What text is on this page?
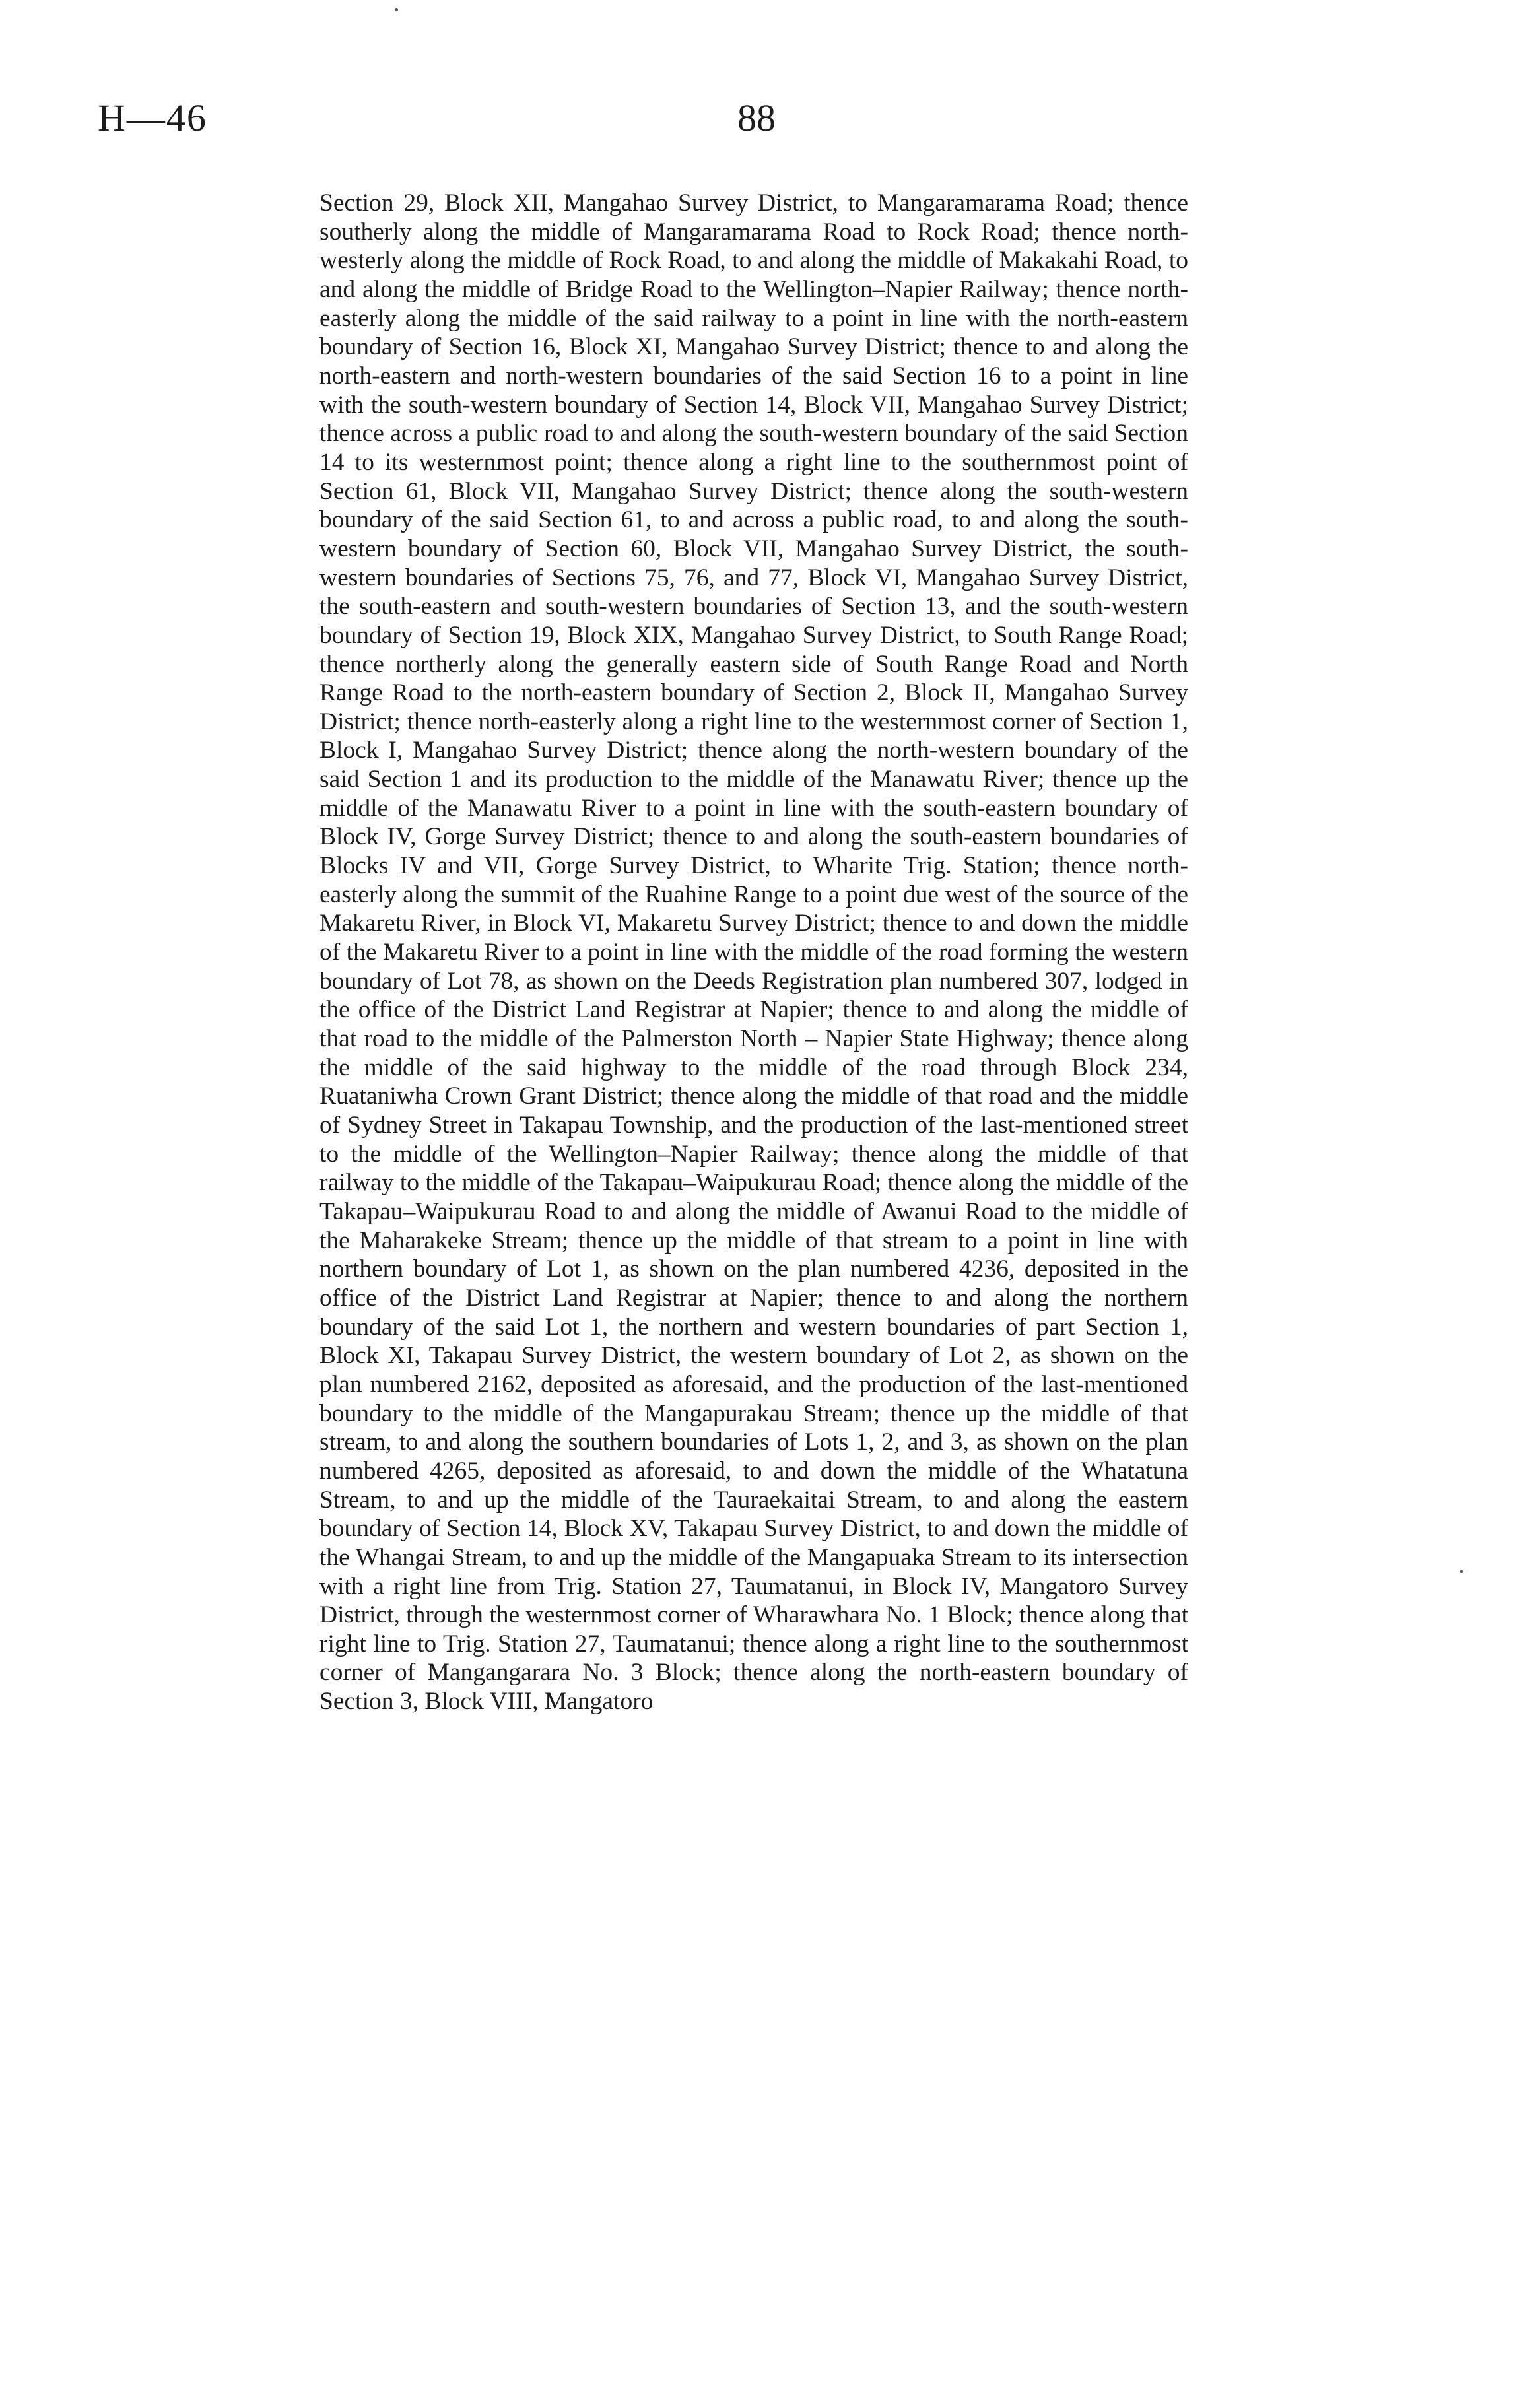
H—46	88

Section 29, Block XII, Mangahao Survey District, to Mangaramarama Road; thence southerly along the middle of Mangaramarama Road to Rock Road; thence north-westerly along the middle of Rock Road, to and along the middle of Makakahi Road, to and along the middle of Bridge Road to the Wellington–Napier Railway; thence north-easterly along the middle of the said railway to a point in line with the north-eastern boundary of Section 16, Block XI, Mangahao Survey District; thence to and along the north-eastern and north-western boundaries of the said Section 16 to a point in line with the south-western boundary of Section 14, Block VII, Mangahao Survey District; thence across a public road to and along the south-western boundary of the said Section 14 to its westernmost point; thence along a right line to the southernmost point of Section 61, Block VII, Mangahao Survey District; thence along the south-western boundary of the said Section 61, to and across a public road, to and along the south-western boundary of Section 60, Block VII, Mangahao Survey District, the south-western boundaries of Sections 75, 76, and 77, Block VI, Mangahao Survey District, the south-eastern and south-western boundaries of Section 13, and the south-western boundary of Section 19, Block XIX, Mangahao Survey District, to South Range Road; thence northerly along the generally eastern side of South Range Road and North Range Road to the north-eastern boundary of Section 2, Block II, Mangahao Survey District; thence north-easterly along a right line to the westernmost corner of Section 1, Block I, Mangahao Survey District; thence along the north-western boundary of the said Section 1 and its production to the middle of the Manawatu River; thence up the middle of the Manawatu River to a point in line with the south-eastern boundary of Block IV, Gorge Survey District; thence to and along the south-eastern boundaries of Blocks IV and VII, Gorge Survey District, to Wharite Trig. Station; thence north-easterly along the summit of the Ruahine Range to a point due west of the source of the Makaretu River, in Block VI, Makaretu Survey District; thence to and down the middle of the Makaretu River to a point in line with the middle of the road forming the western boundary of Lot 78, as shown on the Deeds Registration plan numbered 307, lodged in the office of the District Land Registrar at Napier; thence to and along the middle of that road to the middle of the Palmerston North – Napier State Highway; thence along the middle of the said highway to the middle of the road through Block 234, Ruataniwha Crown Grant District; thence along the middle of that road and the middle of Sydney Street in Takapau Township, and the production of the last-mentioned street to the middle of the Wellington–Napier Railway; thence along the middle of that railway to the middle of the Takapau–Waipukurau Road; thence along the middle of the Takapau–Waipukurau Road to and along the middle of Awanui Road to the middle of the Maharakeke Stream; thence up the middle of that stream to a point in line with northern boundary of Lot 1, as shown on the plan numbered 4236, deposited in the office of the District Land Registrar at Napier; thence to and along the northern boundary of the said Lot 1, the northern and western boundaries of part Section 1, Block XI, Takapau Survey District, the western boundary of Lot 2, as shown on the plan numbered 2162, deposited as aforesaid, and the production of the last-mentioned boundary to the middle of the Mangapurakau Stream; thence up the middle of that stream, to and along the southern boundaries of Lots 1, 2, and 3, as shown on the plan numbered 4265, deposited as aforesaid, to and down the middle of the Whatatuna Stream, to and up the middle of the Tauraekaitai Stream, to and along the eastern boundary of Section 14, Block XV, Takapau Survey District, to and down the middle of the Whangai Stream, to and up the middle of the Mangapuaka Stream to its intersection with a right line from Trig. Station 27, Taumatanui, in Block IV, Mangatoro Survey District, through the westernmost corner of Wharawhara No. 1 Block; thence along that right line to Trig. Station 27, Taumatanui; thence along a right line to the southernmost corner of Mangangarara No. 3 Block; thence along the north-eastern boundary of Section 3, Block VIII, Mangatoro
